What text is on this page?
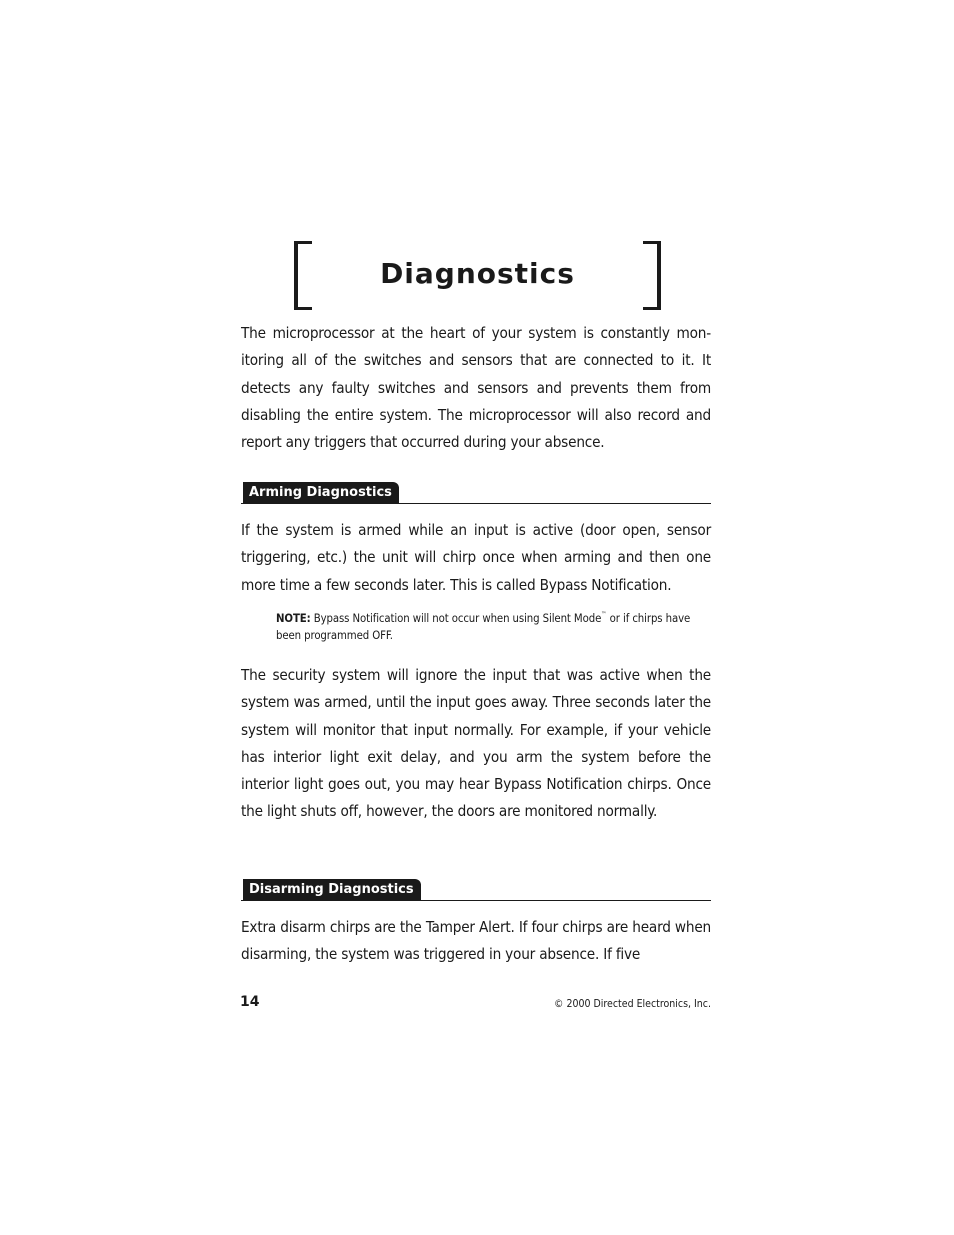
Diagnostics

The microprocessor at the heart of your system is constantly mon-itoring all of the switches and sensors that are connected to it. It detects any faulty switches and sensors and prevents them from disabling the entire system. The microprocessor will also record and report any triggers that occurred during your absence.

Arming Diagnostics

If the system is armed while an input is active (door open, sensor triggering, etc.) the unit will chirp once when arming and then one more time a few seconds later. This is called Bypass Notification.

NOTE: Bypass Notification will not occur when using Silent Mode™ or if chirps have been programmed OFF.

The security system will ignore the input that was active when the system was armed, until the input goes away. Three seconds later the system will monitor that input normally. For example, if your vehicle has interior light exit delay, and you arm the system before the interior light goes out, you may hear Bypass Notification chirps. Once the light shuts off, however, the doors are monitored normally.

Disarming Diagnostics

Extra disarm chirps are the Tamper Alert. If four chirps are heard when disarming, the system was triggered in your absence. If five

14	© 2000 Directed Electronics, Inc.
